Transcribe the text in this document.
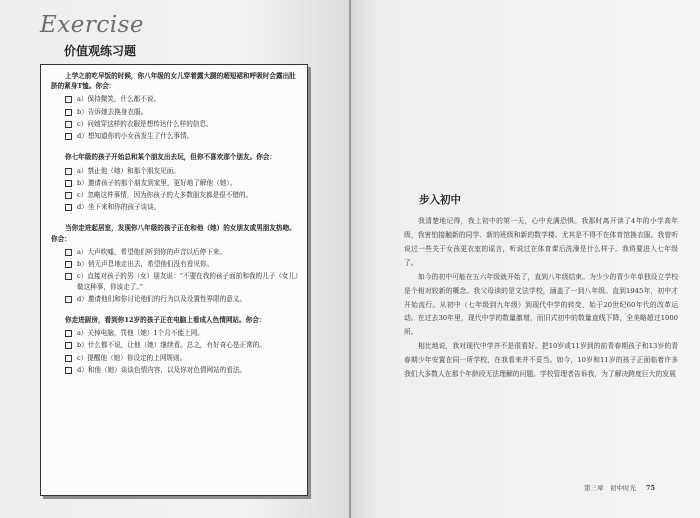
Exercise
价值观练习题
上学之前吃早饭的时候，你八年级的女儿穿着露大腿的超短裙和呼吸时会露出肚脐的紧身T恤。你会：
a）保持微笑，什么都不说。
b）告诉她去换身衣服。
c）问她穿这样的衣服是想传达什么样的信息。
d）想知道你的小女孩发生了什么事情。
你七年级的孩子开始总和某个朋友出去玩，但你不喜欢那个朋友。你会：
a）禁止他（她）和那个朋友见面。
b）邀请孩子的那个朋友到家里，更好地了解他（她）。
c）忽略这件事情，因为你孩子的大多数朋友都是很不错的。
d）坐下来和你的孩子谈谈。
当你走进起居室，发现你八年级的孩子正在和他（她）的女朋友或男朋友热吻。你会：
a）大声吹嘘，希望他们听到你的声音以后停下来。
b）悄无声息地走出去，希望他们没有看见你。
c）直接对孩子的男（女）朋友说：“不要在我的孩子面前和我的儿子（女儿）做这种事，你该走了。”
d）邀请他们和你讨论他们的行为以及设置性界限的意义。
你走进厨房，看到你12岁的孩子正在电脑上看成人色情网站。你会：
a）关掉电脑，罚他（她）1个月不能上网。
b）什么都不说，让他（她）继续看。总之，有好奇心是正常的。
c）提醒他（她）你设定的上网规则。
d）和他（她）谈谈色情内容，以及你对色情网站的看法。
步入初中

我清楚地记得，我上初中的第一天，心中充满恐惧。我那时离开读了4年的小学高年级，我害怕接触新的同学、新的班级和新的数学楼。尤其是不得不在体育馆换衣服。我曾听说过一些关于女孩更衣室的谣言，听说过在体育课后洗澡是什么样子。我将要进入七年级了。

如今的初中可能在五六年级就开始了，直到八年级结束。为少少的青少年单独设立学校是个相对较新的概念。我父母读的是文法学校，涵盖了一到八年级。直到1945年，初中才开始流行。从初中（七年级到九年级）到现代中学的转变，始于20世纪60年代的改革运动。在过去30年里，现代中学的数量激增，而旧式初中的数量直线下降，全美略超过1000所。

相比地说，我对现代中学并不是很看好。把10岁或11岁到的前青春期孩子和13岁的青春期少年安置在同一所学校，在我看来并不妥当。如今，10岁和11岁的孩子正面临着许多我们大多数人在那个年龄段无法理解的问题。学校管理者告诉我，为了解决跨度巨大的发展

第三章　初中时光 75
